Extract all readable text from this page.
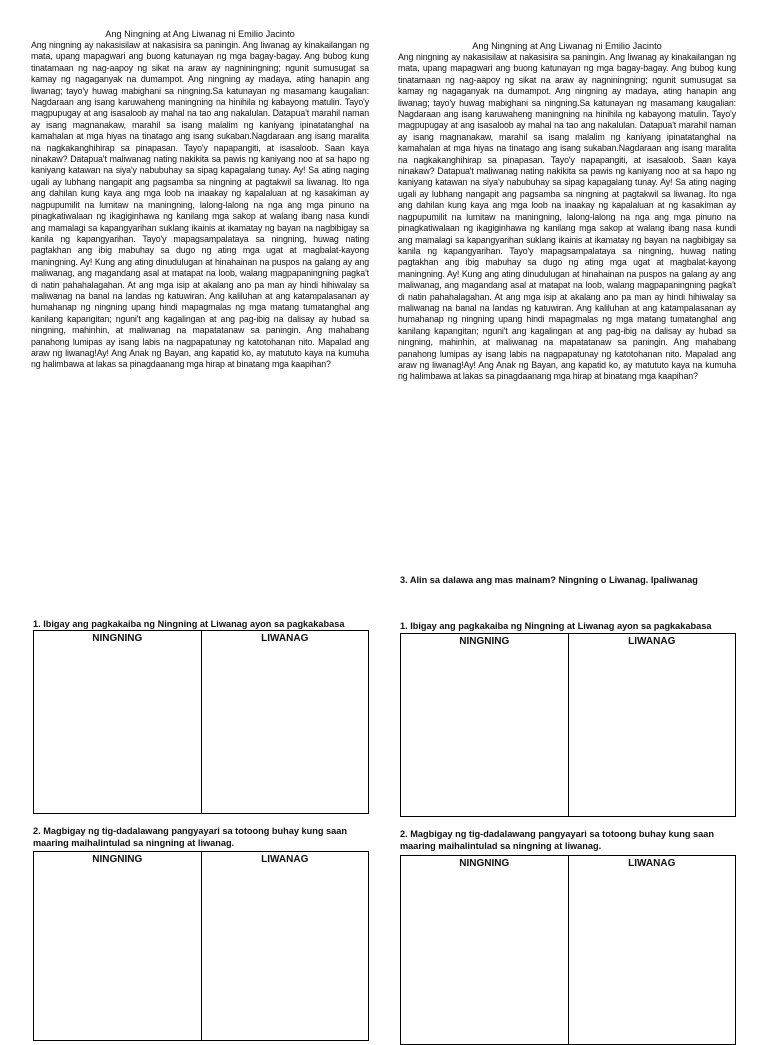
Ang Ningning at Ang Liwanag ni Emilio Jacinto

Ang ningning ay nakasisilaw at nakasisira sa paningin. Ang liwanag ay kinakailangan ng mata, upang mapagwari ang buong katunayan ng mga bagay-bagay. Ang bubog kung tinatamaan ng nag-aapoy ng sikat na araw ay nagniningning; ngunit sumusugat sa kamay ng nagaganyak na dumampot. Ang ningning ay madaya, ating hanapin ang liwanag; tayo'y huwag mabighani sa ningning.Sa katunayan ng masamang kaugalian: Nagdaraan ang isang karuwaheng maningning na hinihila ng kabayong matulin. Tayo'y magpupugay at ang isasaloob ay mahal na tao ang nakalulan. Datapua't marahil naman ay isang magnanakaw, marahil sa isang malalim ng kaniyang ipinatatanghal na kamahalan at mga hiyas na tinatago ang isang sukaban.Nagdaraan ang isang maralita na nagkakanghihirap sa pinapasan. Tayo'y napapangiti, at isasaloob. Saan kaya ninakaw? Datapua't maliwanag nating nakikita sa pawis ng kaniyang noo at sa hapo ng kaniyang katawan na siya'y nabubuhay sa sipag kapagalang tunay. Ay! Sa ating naging ugali ay lubhang nangapit ang pagsamba sa ningning at pagtakwil sa liwanag. Ito nga ang dahilan kung kaya ang mga loob na inaakay ng kapalaluan at ng kasakiman ay nagpupumilit na lumitaw na maningning, lalong-lalong na nga ang mga pinuno na pinagkatiwalaan ng ikagiginhawa ng kanilang mga sakop at walang ibang nasa kundi ang mamalagi sa kapangyarihan suklang ikainis at ikamatay ng bayan na nagbibigay sa kanila ng kapangyarihan. Tayo'y mapagsampalataya sa ningning, huwag nating pagtakhan ang ibig mabuhay sa dugo ng ating mga ugat at magbalat-kayong maningning. Ay! Kung ang ating dinudulugan at hinahainan na puspos na galang ay ang maliwanag, ang magandang asal at matapat na loob, walang magpapaningning pagka't di natin pahahalagahan. At ang mga isip at akalang ano pa man ay hindi hihiwalay sa maliwanag na banal na landas ng katuwiran. Ang kaliluhan at ang katampalasanan ay humahanap ng ningning upang hindi mapagmalas ng mga matang tumatanghal ang kanilang kapangitan; nguni't ang kagalingan at ang pag-ibig na dalisay ay hubad sa ningning, mahinhin, at maliwanag na mapatatanaw sa paningin. Ang mahabang panahong lumipas ay isang labis na nagpapatunay ng katotohanan nito. Mapalad ang araw ng liwanag!Ay! Ang Anak ng Bayan, ang kapatid ko, ay matututo kaya na kumuha ng halimbawa at lakas sa pinagdaanang mga hirap at binatang mga kaapihan?

Ang Ningning at Ang Liwanag ni Emilio Jacinto

Ang ningning ay nakasisilaw at nakasisira sa paningin. Ang liwanag ay kinakailangan ng mata, upang mapagwari ang buong katunayan ng mga bagay-bagay. Ang bubog kung tinatamaan ng nag-aapoy ng sikat na araw ay nagniningning; ngunit sumusugat sa kamay ng nagaganyak na dumampot. Ang ningning ay madaya, ating hanapin ang liwanag; tayo'y huwag mabighani sa ningning.Sa katunayan ng masamang kaugalian: Nagdaraan ang isang karuwaheng maningning na hinihila ng kabayong matulin. Tayo'y magpupugay at ang isasaloob ay mahal na tao ang nakalulan. Datapua't marahil naman ay isang magnanakaw, marahil sa isang malalim ng kaniyang ipinatatanghal na kamahalan at mga hiyas na tinatago ang isang sukaban.Nagdaraan ang isang maralita na nagkakanghihirap sa pinapasan. Tayo'y napapangiti, at isasaloob. Saan kaya ninakaw? Datapua't maliwanag nating nakikita sa pawis ng kaniyang noo at sa hapo ng kaniyang katawan na siya'y nabubuhay sa sipag kapagalang tunay. Ay! Sa ating naging ugali ay lubhang nangapit ang pagsamba sa ningning at pagtakwil sa liwanag. Ito nga ang dahilan kung kaya ang mga loob na inaakay ng kapalaluan at ng kasakiman ay nagpupumilit na lumitaw na maningning, lalong-lalong na nga ang mga pinuno na pinagkatiwalaan ng ikagiginhawa ng kanilang mga sakop at walang ibang nasa kundi ang mamalagi sa kapangyarihan suklang ikainis at ikamatay ng bayan na nagbibigay sa kanila ng kapangyarihan. Tayo'y mapagsampalataya sa ningning, huwag nating pagtakhan ang ibig mabuhay sa dugo ng ating mga ugat at magbalat-kayong maningning. Ay! Kung ang ating dinudulugan at hinahainan na puspos na galang ay ang maliwanag, ang magandang asal at matapat na loob, walang magpapaningning pagka't di natin pahahalagahan. At ang mga isip at akalang ano pa man ay hindi hihiwalay sa maliwanag na banal na landas ng katuwiran. Ang kaliluhan at ang katampalasanan ay humahanap ng ningning upang hindi mapagmalas ng mga matang tumatanghal ang kanilang kapangitan; nguni't ang kagalingan at ang pag-ibig na dalisay ay hubad sa ningning, mahinhin, at maliwanag na mapatatanaw sa paningin. Ang mahabang panahong lumipas ay isang labis na nagpapatunay ng katotohanan nito. Mapalad ang araw ng liwanag!Ay! Ang Anak ng Bayan, ang kapatid ko, ay matututo kaya na kumuha ng halimbawa at lakas sa pinagdaanang mga hirap at binatang mga kaapihan?

3. Alin sa dalawa ang mas mainam? Ningning o Liwanag. Ipaliwanag

1. Ibigay ang pagkakaiba ng Ningning at Liwanag ayon sa pagkakabasa

NINGNING	LIWANAG

1. Ibigay ang pagkakaiba ng Ningning at Liwanag ayon sa pagkakabasa

NINGNING	LIWANAG

2. Magbigay ng tig-dadalawang pangyayari sa totoong buhay kung saan maaring maihalintulad sa ningning at liwanag.

NINGNING	LIWANAG

2. Magbigay ng tig-dadalawang pangyayari sa totoong buhay kung saan maaring maihalintulad sa ningning at liwanag.

NINGNING	LIWANAG
